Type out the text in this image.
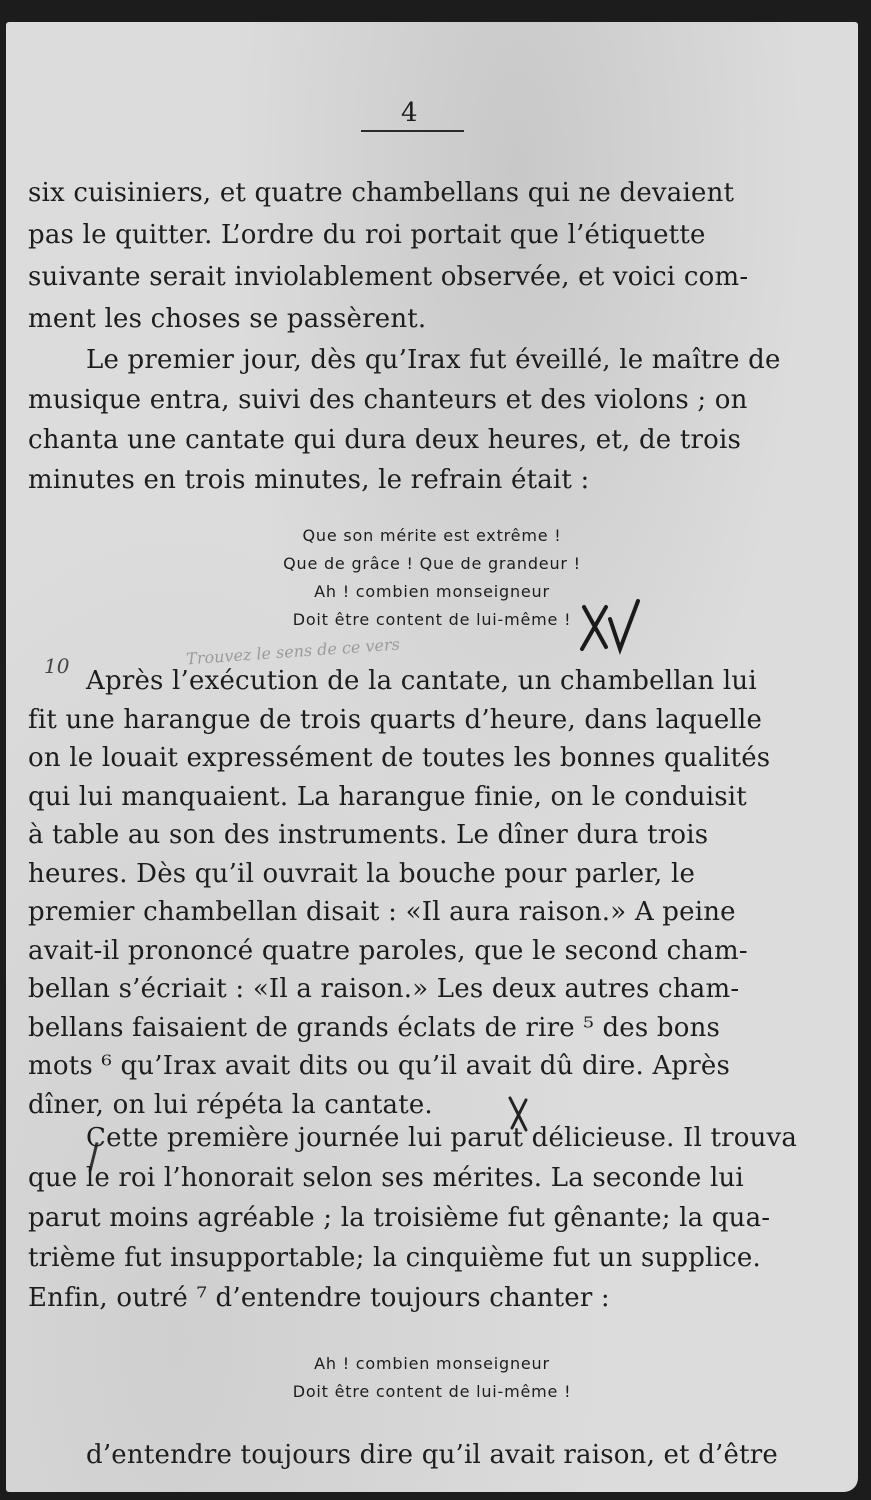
4
six cuisiniers, et quatre chambellans qui ne devaient
pas le quitter. L’ordre du roi portait que l’étiquette
suivante serait inviolablement observée, et voici com-
ment les choses se passèrent.
Le premier jour, dès qu’Irax fut éveillé, le maître de
musique entra, suivi des chanteurs et des violons ; on
chanta une cantate qui dura deux heures, et, de trois
minutes en trois minutes, le refrain était :
Que son mérite est extrême !
Que de grâce ! Que de grandeur !
Ah ! combien monseigneur
Doit être content de lui-même !
Trouvez le sens de ce vers
10 Après l’exécution de la cantate, un chambellan lui
fit une harangue de trois quarts d’heure, dans laquelle
on le louait expressément de toutes les bonnes qualités
qui lui manquaient. La harangue finie, on le conduisit
à table au son des instruments. Le dîner dura trois
heures. Dès qu’il ouvrait la bouche pour parler, le
premier chambellan disait : «Il aura raison.» A peine
avait-il prononcé quatre paroles, que le second cham-
bellan s’écriait : «Il a raison.» Les deux autres cham-
bellans faisaient de grands éclats de rire ⁵ des bons
mots ⁶ qu’Irax avait dits ou qu’il avait dû dire. Après
dîner, on lui répéta la cantate.
Cette première journée lui parut délicieuse. Il trouva
que le roi l’honorait selon ses mérites. La seconde lui
parut moins agréable ; la troisième fut gênante; la qua-
trième fut insupportable; la cinquième fut un supplice.
Enfin, outré ⁷ d’entendre toujours chanter :
Ah ! combien monseigneur
Doit être content de lui-même !
d’entendre toujours dire qu’il avait raison, et d’être
